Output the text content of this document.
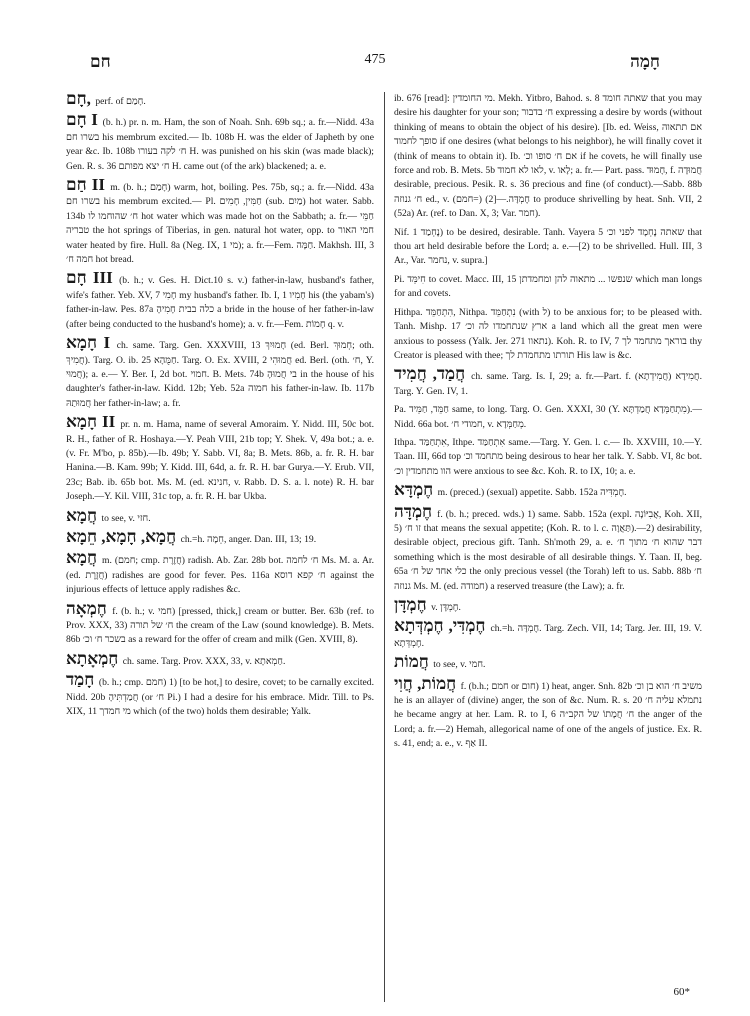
חם	475	חָמָה
חָם, perf. of חָמַם.
חָם I (b. h.) pr. n. m. Ham, the son of Noah. Snh. 69b sq.; a. fr.—Nidd. 43a בשרו חם his membrum excited.— Ib. 108b H. was the elder of Japheth by one year &c. Ib. 108b ח׳ לקה בעורו H. was punished on his skin (was made black); Gen. R. s. 36 ח׳ יצא מפותם H. came out (of the ark) blackened; a. e.
חַם II m. (b. h.; חָמַם) warm, hot, boiling. Pes. 75b, sq.; a. fr.—Nidd. 43a בשרו חם his membrum excited.— Pl. חַמִּין, חָמִים (sub. מַיִם) hot water. Sabb. 134b ח׳ שהוחמו לו hot water which was made hot on the Sabbath; a. fr.— חַמֵּי טבריה the hot springs of Tiberias, in gen. natural hot water, opp. to חמי האור water heated by fire. Hull. 8a (Neg. IX, 1 מי); a. fr.—Fem. חַמָּה. Makhsh. III, 3 חמה ח׳ hot bread.
חָם III (b. h.; v. Ges. H. Dict.10 s. v.) father-in-law, husband's father, wife's father. Yeb. XV, 7 חָמִי my husband's father. Ib. I, 1 חָמִיו his (the yabam's) father-in-law. Pes. 87a כלה בבית חָמִיהָ a bride in the house of her father-in-law (after being conducted to the husband's home); a. v. fr.—Fem. חָמוֹת q. v.
חָמָא I ch. same. Targ. Gen. XXXVIII, 13 חָמוּיִךְ (ed. Berl. חְמוּךְ; oth. חֲמִיךְ). Targ. O. ib. 25 חַמֻּהָא. Targ. O. Ex. XVIII, 2 חֲמוּהִי ed. Berl. (oth. ח׳, Y. חֲמוּי); a. e.— Y. Ber. I, 2d bot. חמוי. B. Mets. 74b בי חֲמוּהָ in the house of his daughter's father-in-law. Kidd. 12b; Yeb. 52a חמוה his father-in-law. Ib. 117b חֲמוּתַהּ her father-in-law; a. fr.
חָמָא II pr. n. m. Hama, name of several Amoraim. Y. Nidd. III, 50c bot. R. H., father of R. Hoshaya.—Y. Peah VIII, 21b top; Y. Shek. V, 49a bot.; a. e. (v. Fr. M'bo, p. 85b).—Ib. 49b; Y. Sabb. VI, 8a; B. Mets. 86b, a. fr. R. H. bar Hanina.—B. Kam. 99b; Y. Kidd. III, 64d, a. fr. R. H. bar Gurya.—Y. Erub. VII, 23c; Bab. ib. 65b bot. Ms. M. (ed. חנינא, v. Rabb. D. S. a. l. note) R. H. bar Joseph.—Y. Kil. VIII, 31c top, a. fr. R. H. bar Ukba.
חֲמָא to see, v. חזי.
חֲמָא, חָמָא, חֵמָא ch.=h. חֵמָה, anger. Dan. III, 13; 19.
חֲמָא m. (חמם; cmp. חֲזֶרֶת) radish. Ab. Zar. 28b bot. ח׳ לחמה Ms. M. a. Ar. (ed. חֲזֶרֶת) radishes are good for fever. Pes. 116a ח׳ קפא דוסא against the injurious effects of lettuce apply radishes &c.
חֶמְאָה f. (b. h.; v. חמי) [pressed, thick,] cream or butter. Ber. 63b (ref. to Prov. XXX, 33) ח׳ של תורה the cream of the Law (sound knowledge). B. Mets. 86b בשכר ח׳ וכ׳ as a reward for the offer of cream and milk (Gen. XVIII, 8).
חֶמְאָתָא ch. same. Targ. Prov. XXX, 33, v. חַמְאתָא.
חָמַד (b. h.; cmp. חמם) 1) [to be hot,] to desire, covet; to be carnally excited. Nidd. 20b חֲמַדְתִּיהָ (or ח׳ Pi.) I had a desire for his embrace. Midr. Till. to Ps. XIX, 11 מי חמדך which (of the two) holds them desirable; Yalk.
ib. 676 [read]: מי החומדין. Mekh. Yitbro, Bahod. s. 8 שאתה חומד that you may desire his daughter for your son; ח׳ בדבור expressing a desire by words (without thinking of means to obtain the object of his desire). [Ib. ed. Weiss, אם תתאוה סופך לחמוד if one desires (what belongs to his neighbor), he will finally covet it (think of means to obtain it). Ib. אם ח׳ סופו וכ׳ if he covets, he will finally use force and rob. B. Mets. 5b לאו לא חמוד, v. לָאו; a. fr.— Part. pass. חָמוּד, f. חֲמוּדָה desirable, precious. Pesik. R. s. 36 precious and fine (of conduct).—Sabb. 88b ח׳ גנוזה ed., v. חֶמְדָּה.—[2) (=חמם) to produce shrivelling by heat. Snh. VII, 2 (52a) Ar. (ref. to Dan. X, 3; Var. חמר).
Nif. נֶחְמַד 1) to be desired, desirable. Tanh. Vayera 5 שאתה נֶחְמָד לפני וכ׳ that thou art held desirable before the Lord; a. e.—[2) to be shrivelled. Hull. III, 3 Ar., Var. נחמר, v. supra.]
Pi. חִימֵּד to covet. Macc. III, 15 שנפשו ... מתאוה להן ומחמדתן which man longs for and covets.
Hithpa. הִתְחַמֵּד, Nithpa. נִתְחַמֵּד (with ל) to be anxious for; to be pleased with. Tanh. Mishp. 17 ארץ שנתחמדו לה וכ׳ a land which all the great men were anxious to possess (Yalk. Jer. 271 נתאוו). Koh. R. to IV, 7 בוראך מתחמד לך thy Creator is pleased with thee; תורתו מתחמדת לך His law is &c.
חֲמַד, חֲמִיד ch. same. Targ. Is. I, 29; a. fr.—Part. f. חֲמִידָא (חֲמִידְתָא). Targ. Y. Gen. IV, 1.
Pa. חַמֵּד, חַמֵּיד same, to long. Targ. O. Gen. XXXI, 30 (Y. מִתְחַמְּדָא חֲמַדְתָּא).—Nidd. 66a bot. חמודי ח׳, v. מְחַמְּדָא.
Ithpa. אִתְחַמַּד, Ithpe. אִתְחַמַּד same.—Targ. Y. Gen. l. c.— Ib. XXVIII, 10.—Y. Taan. III, 66d top מתחמד וכ׳ being desirous to hear her talk. Y. Sabb. VI, 8c bot. הוו מתחמדין וכ׳ were anxious to see &c. Koh. R. to IX, 10; a. e.
חֶמְדָּא m. (preced.) (sexual) appetite. Sabb. 152a חֶמְדִּיה.
חֶמְדָּה f. (b. h.; preced. wds.) 1) same. Sabb. 152a (expl. אֲבִיּוֹנָה, Koh. XII, 5) זו ח׳ that means the sexual appetite; (Koh. R. to l. c. תַּאֲוָה).—2) desirability, desirable object, precious gift. Tanh. Sh'moth 29, a. e. דבר שהוא ח׳ מתוך ח׳ something which is the most desirable of all desirable things. Y. Taan. II, beg. 65a כלי אחד של ח׳ the only precious vessel (the Torah) left to us. Sabb. 88b ח׳ גנוזה Ms. M. (ed. חמודה) a reserved treasure (the Law); a. fr.
חֶמְדָּן v. חֶמְדָּן.
חֶמְדִּי, חֶמְדְּתָא ch.=h. חֶמְדָּה. Targ. Zech. VII, 14; Targ. Jer. III, 19. V. חֶמְדְּתָא.
חֲמוֹת to see, v. חמי.
חֲמוֹת, חֲוִי f. (b.h.; חמם or חום) 1) heat, anger. Snh. 82b משיב ח׳ הוא בן וכ׳ he is an allayer of (divine) anger, the son of &c. Num. R. s. 20 נתמלא עליה ח׳ he became angry at her. Lam. R. to I, 6 ח׳ חֲמָתוֹ של הקב״ה the anger of the Lord; a. fr.—2) Hemah, allegorical name of one of the angels of justice. Ex. R. s. 41, end; a. e., v. אַף II.
60*
